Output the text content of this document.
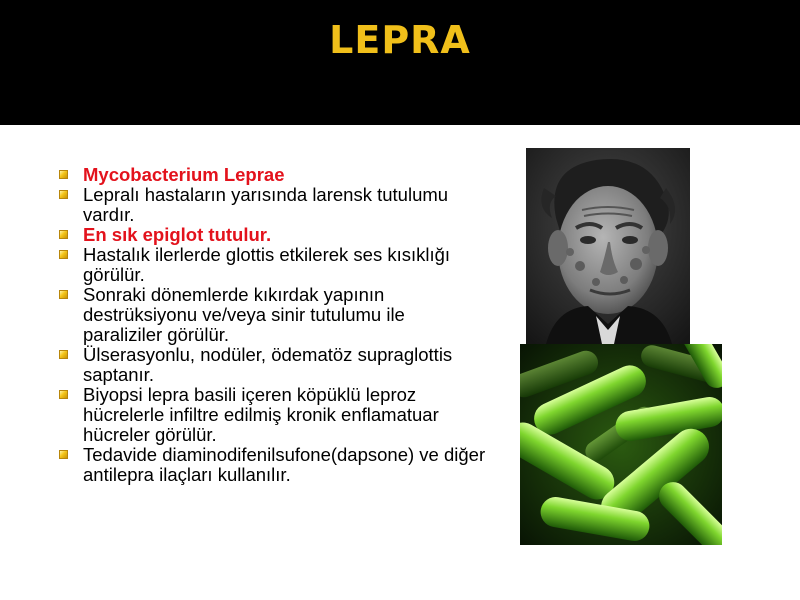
LEPRA
Mycobacterium Leprae
Lepralı hastaların yarısında larensk tutulumu vardır.
En sık epiglot tutulur.
Hastalık ilerlerde glottis etkilerek ses kısıklığı görülür.
Sonraki dönemlerde kıkırdak yapının destrüksiyonu ve/veya sinir tutulumu ile paraliziler görülür.
Ülserasyonlu, nodüler, ödematöz supraglottis saptanır.
Biyopsi lepra basili içeren köpüklü leproz hücrelerle infiltre edilmiş kronik enflamatuar hücreler görülür.
Tedavide diaminodifenilsufone(dapsone) ve diğer antilepra ilaçları kullanılır.
